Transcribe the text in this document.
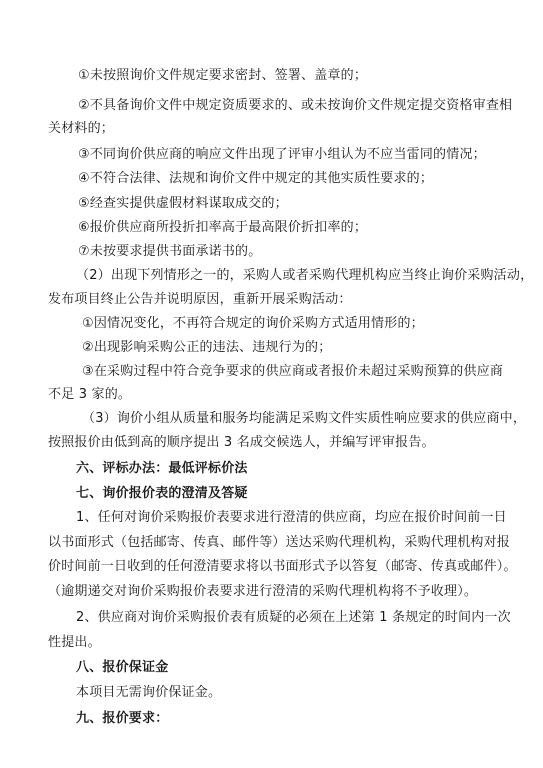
①未按照询价文件规定要求密封、签署、盖章的；

②不具备询价文件中规定资质要求的、或未按询价文件规定提交资格审查相

关材料的；

③不同询价供应商的响应文件出现了评审小组认为不应当雷同的情况；

④不符合法律、法规和询价文件中规定的其他实质性要求的；

⑤经查实提供虚假材料谋取成交的；

⑥报价供应商所投折扣率高于最高限价折扣率的；

⑦未按要求提供书面承诺书的。

（2）出现下列情形之一的，采购人或者采购代理机构应当终止询价采购活动，

发布项目终止公告并说明原因，重新开展采购活动：

①因情况变化，不再符合规定的询价采购方式适用情形的；

②出现影响采购公正的违法、违规行为的；

③在采购过程中符合竞争要求的供应商或者报价未超过采购预算的供应商

不足 3 家的。

（3）询价小组从质量和服务均能满足采购文件实质性响应要求的供应商中，

按照报价由低到高的顺序提出 3 名成交候选人，并编写评审报告。

六、评标办法：最低评标价法

七、询价报价表的澄清及答疑

1、任何对询价采购报价表要求进行澄清的供应商，均应在报价时间前一日

以书面形式（包括邮寄、传真、邮件等）送达采购代理机构，采购代理机构对报

价时间前一日收到的任何澄清要求将以书面形式予以答复（邮寄、传真或邮件）。

（逾期递交对询价采购报价表要求进行澄清的采购代理机构将不予收理）。

2、供应商对询价采购报价表有质疑的必须在上述第 1 条规定的时间内一次

性提出。

八、报价保证金

本项目无需询价保证金。

九、报价要求：
